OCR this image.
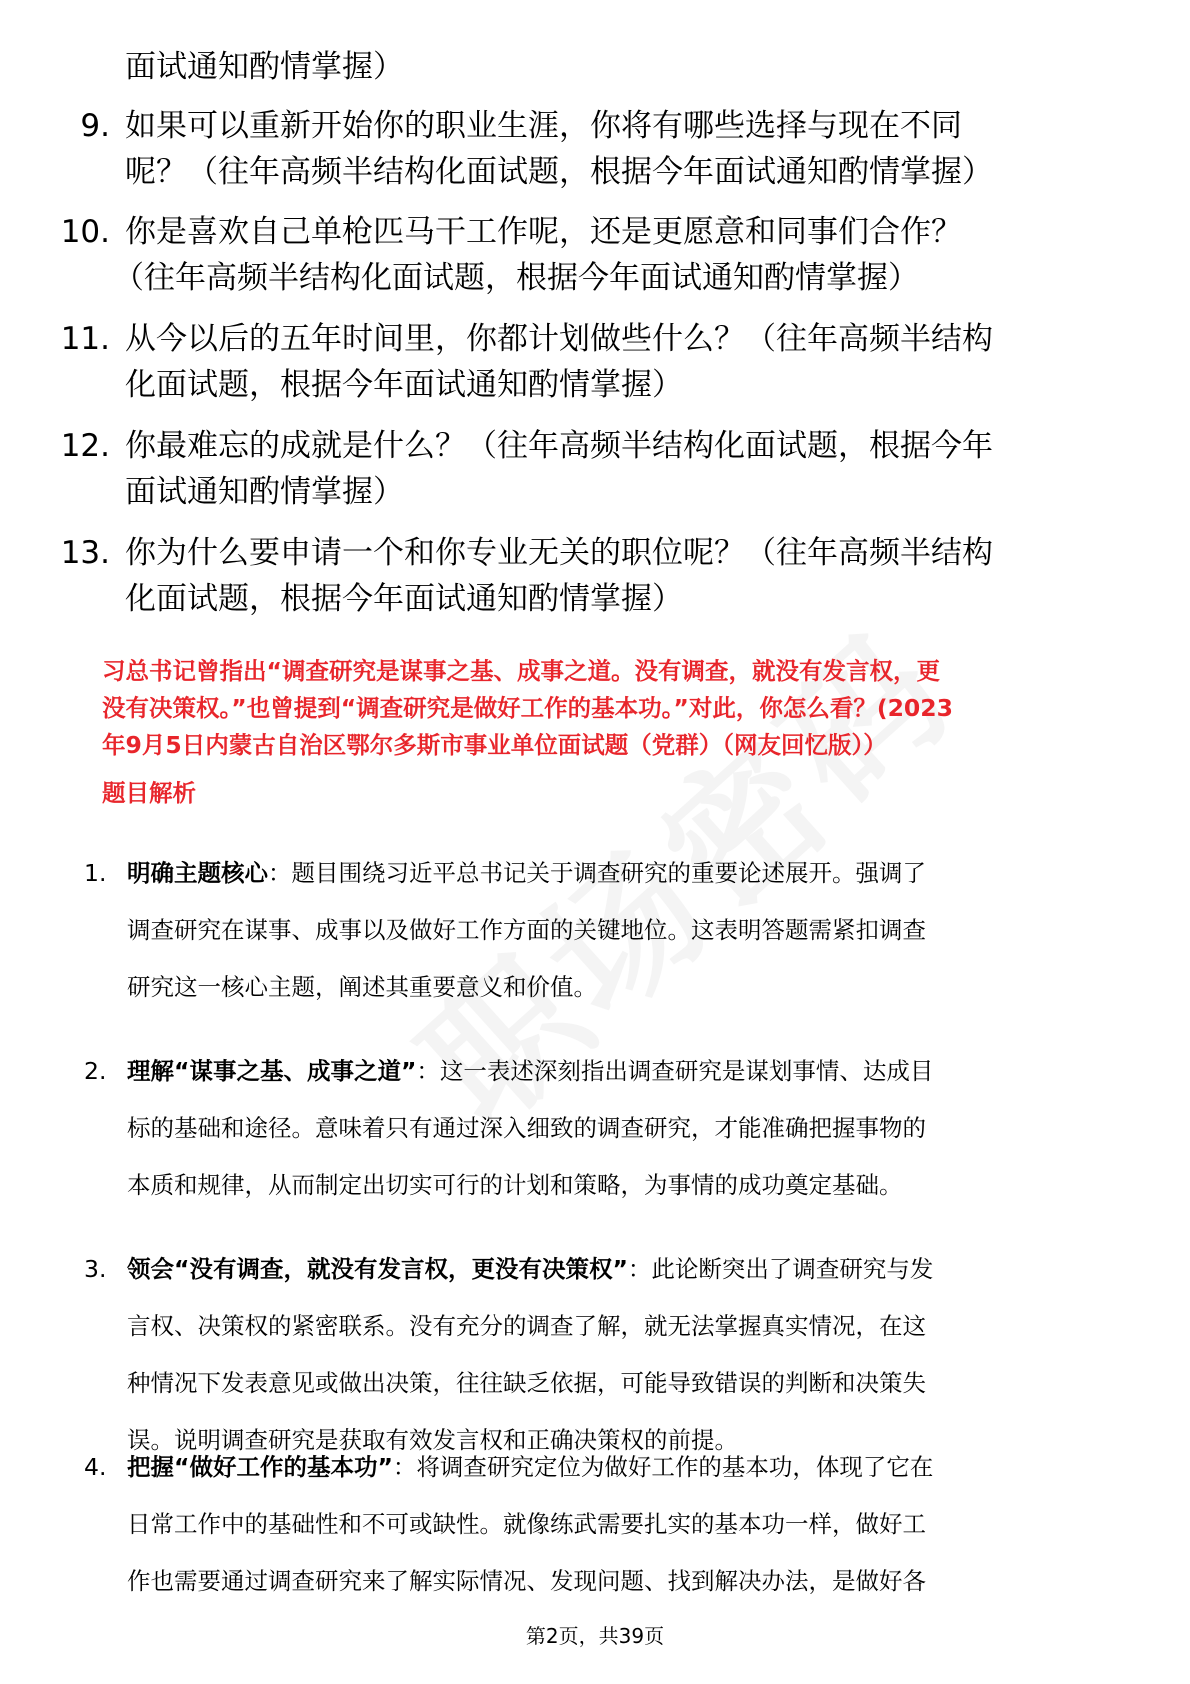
面试通知酌情掌握）
9. 如果可以重新开始你的职业生涯，你将有哪些选择与现在不同
呢？（往年高频半结构化面试题，根据今年面试通知酌情掌握）
10. 你是喜欢自己单枪匹马干工作呢，还是更愿意和同事们合作？
（往年高频半结构化面试题，根据今年面试通知酌情掌握）
11. 从今以后的五年时间里，你都计划做些什么？（往年高频半结构
化面试题，根据今年面试通知酌情掌握）
12. 你最难忘的成就是什么？（往年高频半结构化面试题，根据今年
面试通知酌情掌握）
13. 你为什么要申请一个和你专业无关的职位呢？（往年高频半结构
化面试题，根据今年面试通知酌情掌握）
习总书记曾指出“调查研究是谋事之基、成事之道。没有调查，就没有发言权，更
没有决策权。”也曾提到“调查研究是做好工作的基本功。”对此，你怎么看？(2023
年9月5日内蒙古自治区鄂尔多斯市事业单位面试题（党群）（网友回忆版））
题目解析
1. 明确主题核心：题目围绕习近平总书记关于调查研究的重要论述展开。强调了
调查研究在谋事、成事以及做好工作方面的关键地位。这表明答题需紧扣调查
研究这一核心主题，阐述其重要意义和价值。
2. 理解“谋事之基、成事之道”：这一表述深刻指出调查研究是谋划事情、达成目
标的基础和途径。意味着只有通过深入细致的调查研究，才能准确把握事物的
本质和规律，从而制定出切实可行的计划和策略，为事情的成功奠定基础。
3. 领会“没有调查，就没有发言权，更没有决策权”：此论断突出了调查研究与发
言权、决策权的紧密联系。没有充分的调查了解，就无法掌握真实情况，在这
种情况下发表意见或做出决策，往往缺乏依据，可能导致错误的判断和决策失
误。说明调查研究是获取有效发言权和正确决策权的前提。
4. 把握“做好工作的基本功”：将调查研究定位为做好工作的基本功，体现了它在
日常工作中的基础性和不可或缺性。就像练武需要扎实的基本功一样，做好工
作也需要通过调查研究来了解实际情况、发现问题、找到解决办法，是做好各
第2页，共39页
